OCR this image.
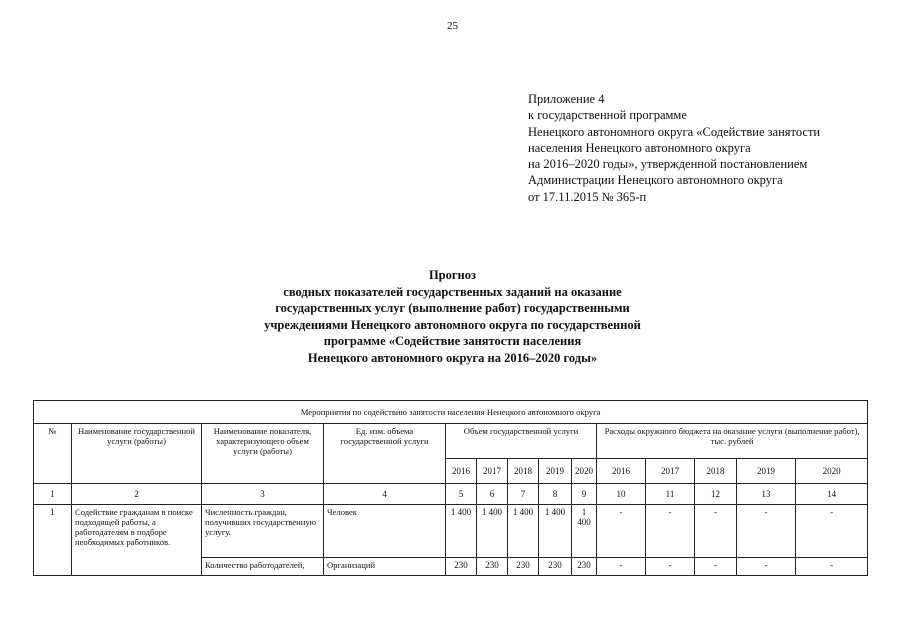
25
Приложение 4
к государственной программе
Ненецкого автономного округа «Содействие занятости
населения Ненецкого автономного округа
на 2016–2020 годы», утвержденной постановлением
Администрации Ненецкого автономного округа
от 17.11.2015 № 365-п
Прогноз
сводных показателей государственных заданий на оказание
государственных услуг (выполнение работ) государственными
учреждениями Ненецкого автономного округа по государственной
программе «Содействие занятости населения
Ненецкого автономного округа на 2016–2020 годы»
Мероприятия по содействию занятости населения Ненецкого автономного округа													
№	Наименование государственной услуги (работы)	Наименование показателя, характеризующего объем услуги (работы)	Ед. изм. объема государственной услуги	Объем государственной услуги					Расходы окружного бюджета на оказание услуги (выполнение работ), тыс. рублей				
				2016	2017	2018	2019	2020	2016	2017	2018	2019	2020
1	2	3	4	5	6	7	8	9	10	11	12	13	14
1	Содействие гражданам в поиске подходящей работы, а работодателям в подборе необходимых работников.	Численность граждан, получивших государственную услугу.	Человек	1 400	1 400	1 400	1 400	1 400	-	-	-	-	-
		Количество работодателей,	Организаций	230	230	230	230	230	-	-	-	-	-
